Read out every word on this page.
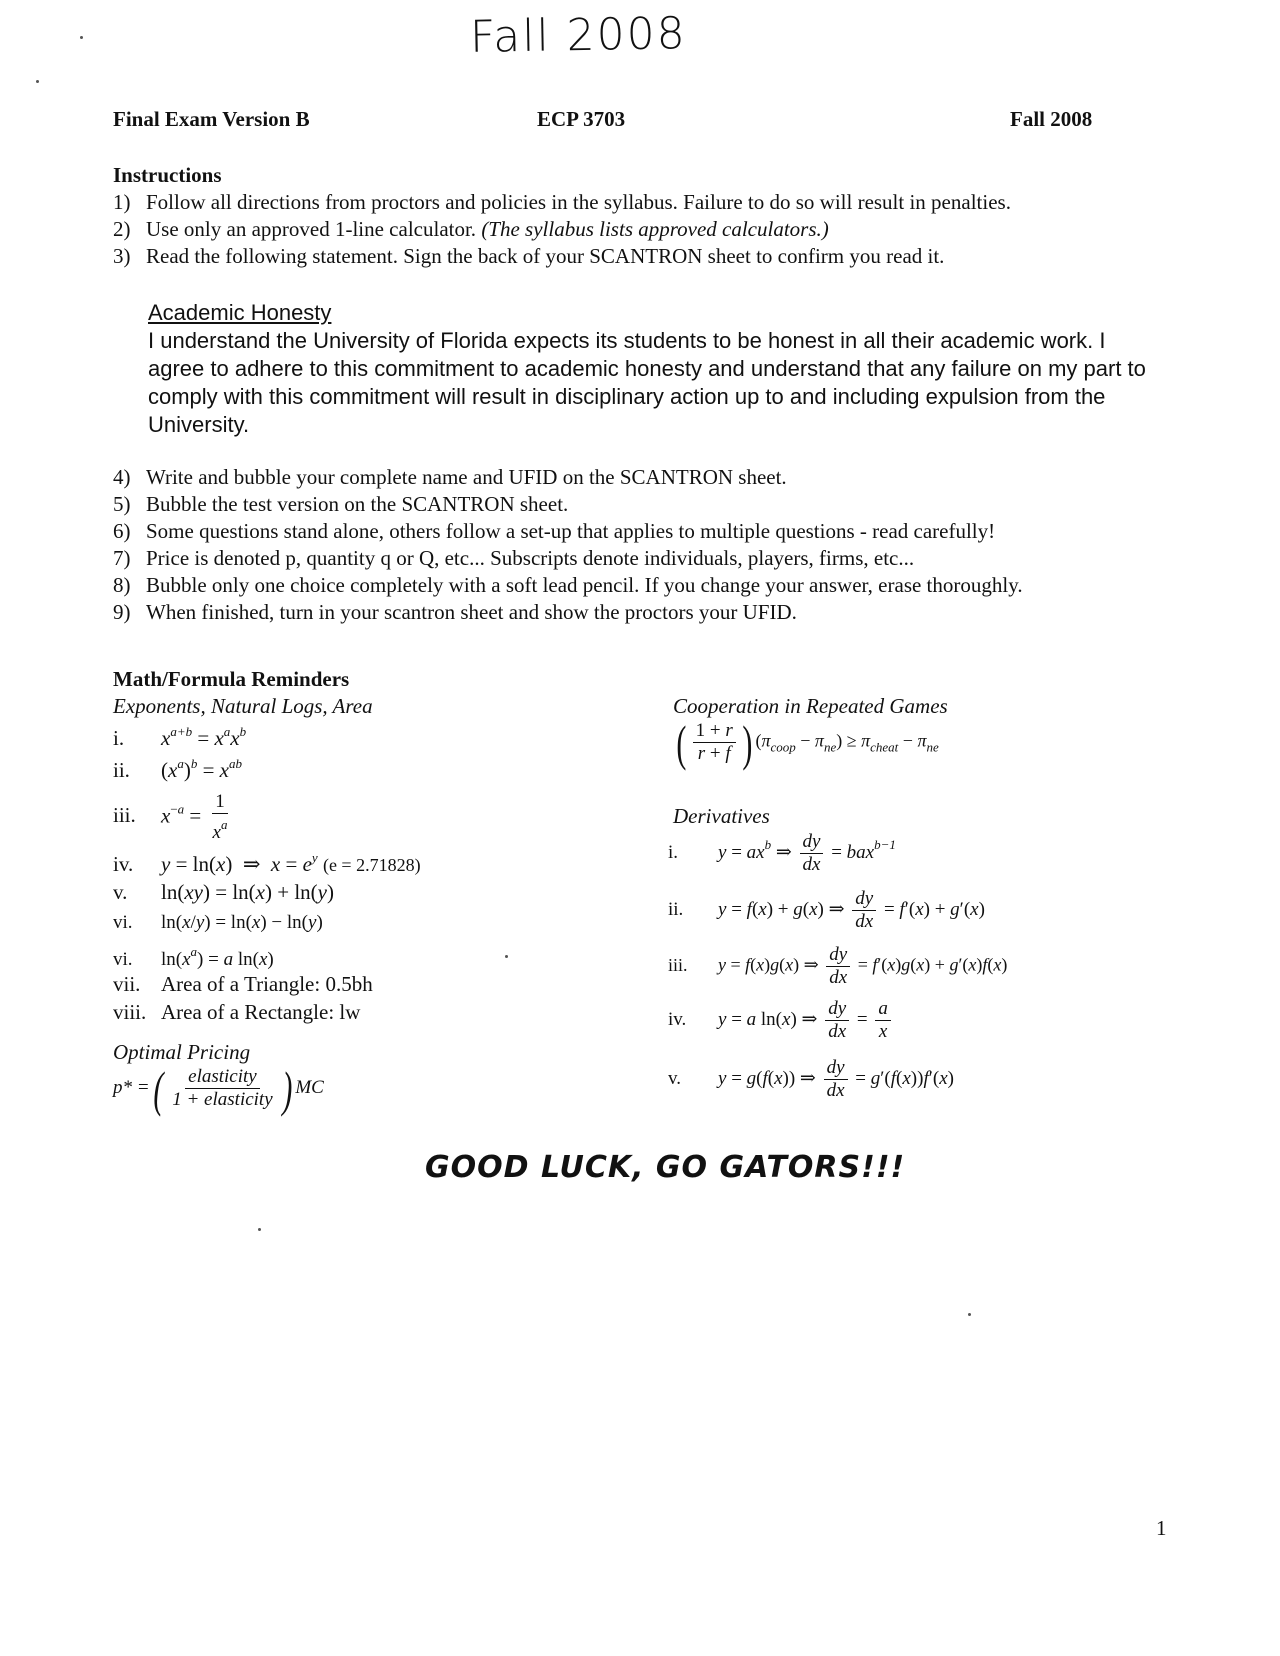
Fall 2008
Final Exam Version B	ECP 3703	Fall 2008
Instructions
1) Follow all directions from proctors and policies in the syllabus. Failure to do so will result in penalties.
2) Use only an approved 1-line calculator. (The syllabus lists approved calculators.)
3) Read the following statement. Sign the back of your SCANTRON sheet to confirm you read it.
Academic Honesty
I understand the University of Florida expects its students to be honest in all their academic work. I agree to adhere to this commitment to academic honesty and understand that any failure on my part to comply with this commitment will result in disciplinary action up to and including expulsion from the University.
4) Write and bubble your complete name and UFID on the SCANTRON sheet.
5) Bubble the test version on the SCANTRON sheet.
6) Some questions stand alone, others follow a set-up that applies to multiple questions - read carefully!
7) Price is denoted p, quantity q or Q, etc... Subscripts denote individuals, players, firms, etc...
8) Bubble only one choice completely with a soft lead pencil. If you change your answer, erase thoroughly.
9) When finished, turn in your scantron sheet and show the proctors your UFID.
Math/Formula Reminders
Exponents, Natural Logs, Area
i. $x^{a+b} = x^ax^b$
ii. $(x^a)^b = x^{ab}$
iii. $x^{-a} = \frac{1}{x^a}$
iv. y = ln(x)  ⇒  $x = e^y$ (e = 2.71828)
v. ln(xy) = ln(x) + ln(y)
vi. ln(x/y) = ln(x) − ln(y)
vi. $\ln(x^a) = a$ ln(x)
vii. Area of a Triangle: 0.5bh
viii. Area of a Rectangle: lw
Optimal Pricing
p* =( $\frac{\text{elasticity}}{\text{1 + elasticity}}$ ) MC
Cooperation in Repeated Games
( $\frac{1 + r}{r + f}$ ) $(\pi_{coop} - \pi_{ne}) \ge \pi_{cheat} - \pi_{ne}$
Derivatives
i. $y = ax^b$ ⇒ $\frac{dy}{dx} = bax^{b-1}$
ii. y = f(x) + g(x) ⇒ $\frac{dy}{dx} = f'(x) + g'(x)$
iii. y = f(x)g(x) ⇒ $\frac{dy}{dx} = f'(x)g(x) + g'(x)f(x)$
iv. y = a ln(x) ⇒ $\frac{dy}{dx} = \frac{a}{x}$
v. y = g(f(x)) ⇒ $\frac{dy}{dx} = g'(f(x))f'(x)$
GOOD LUCK, GO GATORS!!!
1
